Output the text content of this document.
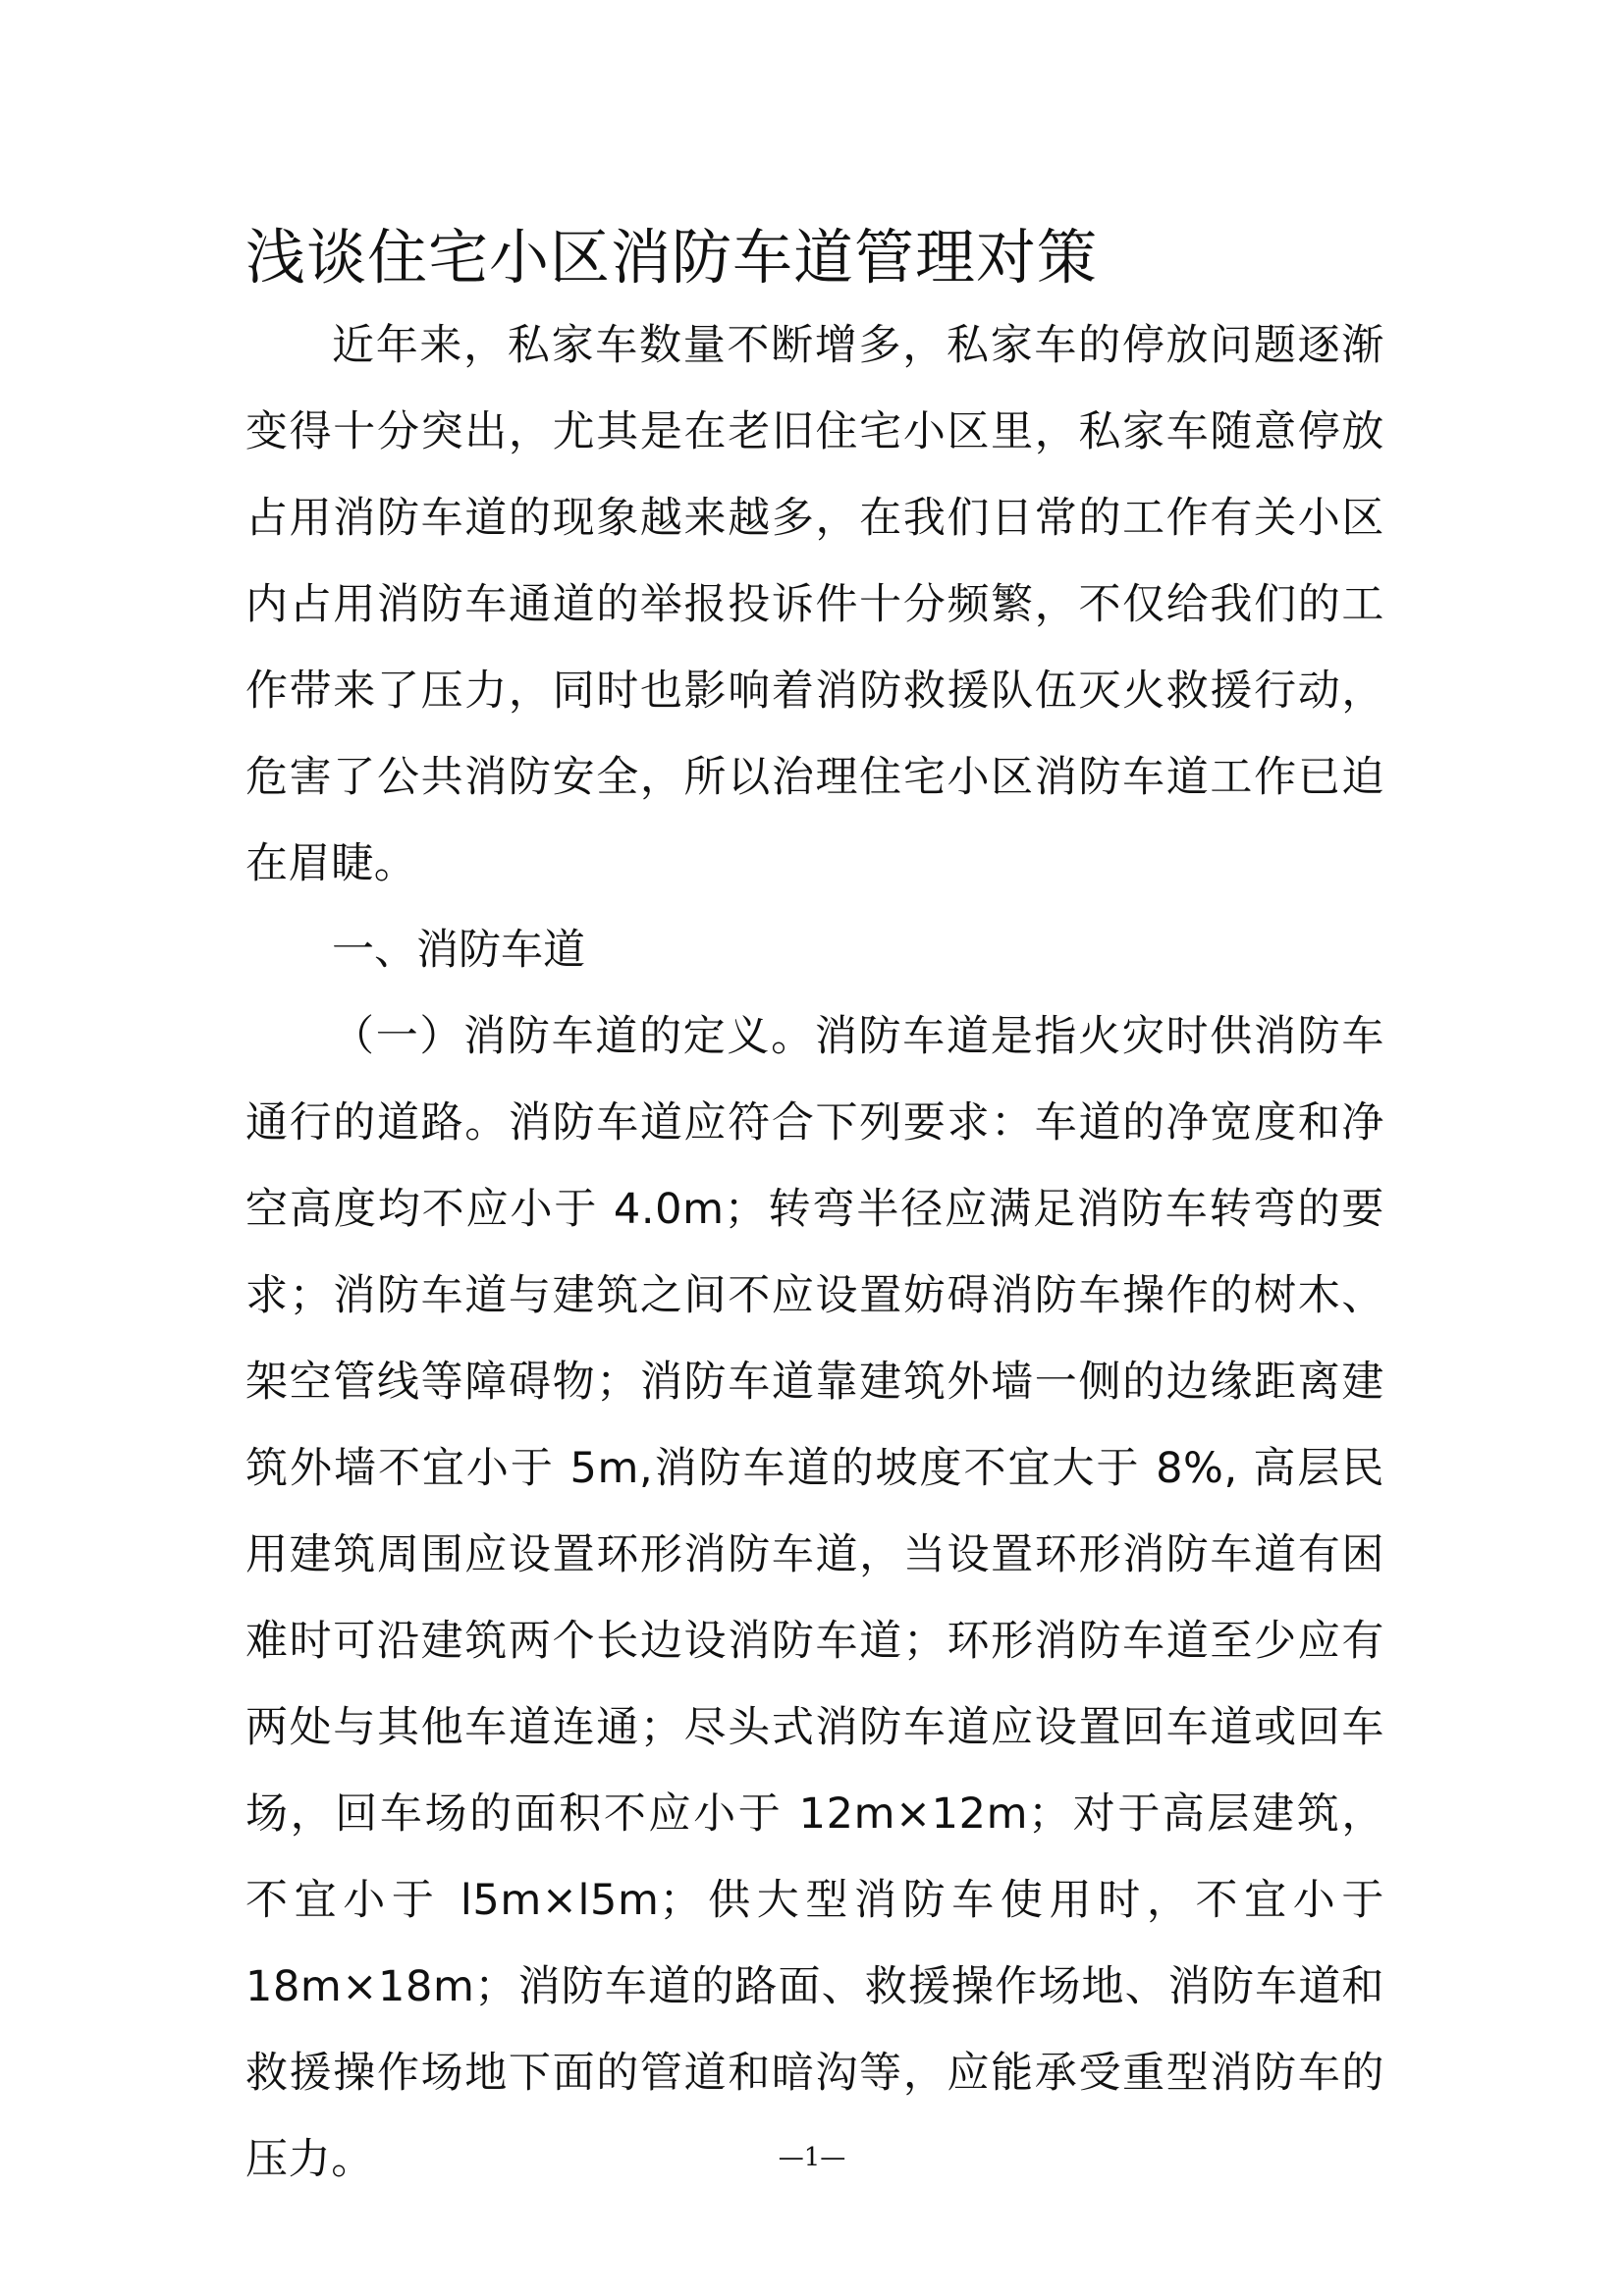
浅谈住宅小区消防车道管理对策

近年来，私家车数量不断增多，私家车的停放问题逐渐变得十分突出，尤其是在老旧住宅小区里，私家车随意停放占用消防车道的现象越来越多，在我们日常的工作有关小区内占用消防车通道的举报投诉件十分频繁，不仅给我们的工作带来了压力，同时也影响着消防救援队伍灭火救援行动，危害了公共消防安全，所以治理住宅小区消防车道工作已迫在眉睫。

一、消防车道

（一）消防车道的定义。消防车道是指火灾时供消防车通行的道路。消防车道应符合下列要求：车道的净宽度和净空高度均不应小于 4.0m；转弯半径应满足消防车转弯的要求；消防车道与建筑之间不应设置妨碍消防车操作的树木、架空管线等障碍物；消防车道靠建筑外墙一侧的边缘距离建筑外墙不宜小于 5m,消防车道的坡度不宜大于 8%, 高层民用建筑周围应设置环形消防车道，当设置环形消防车道有困难时可沿建筑两个长边设消防车道；环形消防车道至少应有两处与其他车道连通；尽头式消防车道应设置回车道或回车场，回车场的面积不应小于 12m×12m；对于高层建筑，不宜小于 l5m×l5m；供大型消防车使用时，不宜小于 18m×18m；消防车道的路面、救援操作场地、消防车道和救援操作场地下面的管道和暗沟等，应能承受重型消防车的压力。	—1—
